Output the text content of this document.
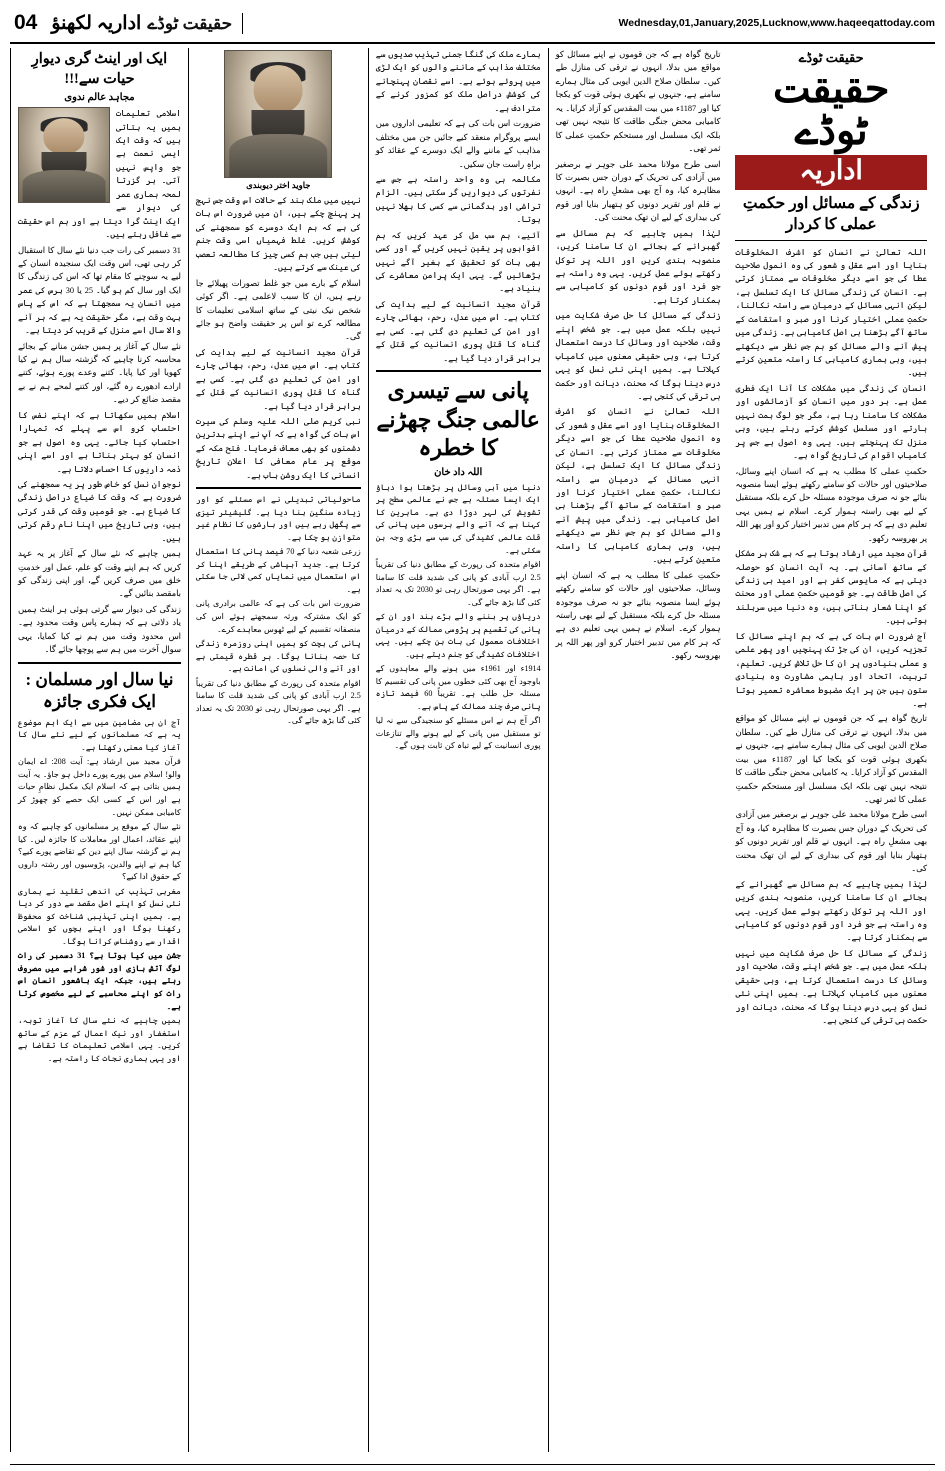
04 اداریہ لکھنؤ حقیقت ٹوڈے	Wednesday,01,January,2025,Lucknow,www.haqeeqattoday.com
حقیقت ٹوڈے
حقیقت ٹوڈے
اداریہ
زندگی کے مسائل اور حکمتِ عملی کا کردار

اللہ تعالیٰ نے انسان کو اشرف المخلوقات بنایا اور اسے عقل و شعور کی وہ انمول صلاحیت عطا کی جو اسے دیگر مخلوقات سے ممتاز کرتی ہے۔ انسان کی زندگی مسائل کا ایک تسلسل ہے، لیکن انہی مسائل کے درمیان سے راستہ نکالنا، حکمتِ عملی اختیار کرنا اور صبر و استقامت کے ساتھ آگے بڑھنا ہی اصل کامیابی ہے۔ زندگی میں پیش آنے والے مسائل کو ہم جس نظر سے دیکھتے ہیں، وہی ہماری کامیابی کا راستہ متعین کرتے ہیں۔

انسان کی زندگی میں مشکلات کا آنا ایک فطری عمل ہے۔ ہر دور میں انسان کو آزمائشوں اور مشکلات کا سامنا رہا ہے، مگر جو لوگ ہمت نہیں ہارتے اور مسلسل کوشش کرتے رہتے ہیں، وہی منزل تک پہنچتے ہیں۔ یہی وہ اصول ہے جس پر کامیاب اقوام کی تاریخ گواہ ہے۔

حکمتِ عملی کا مطلب یہ ہے کہ انسان اپنے وسائل، صلاحیتوں اور حالات کو سامنے رکھتے ہوئے ایسا منصوبہ بنائے جو نہ صرف موجودہ مسئلہ حل کرے بلکہ مستقبل کے لیے بھی راستہ ہموار کرے۔ اسلام نے ہمیں یہی تعلیم دی ہے کہ ہر کام میں تدبیر اختیار کرو اور پھر اللہ پر بھروسہ رکھو۔

قرآن مجید میں ارشاد ہوتا ہے کہ بے شک ہر مشکل کے ساتھ آسانی ہے۔ یہ آیت انسان کو حوصلہ دیتی ہے کہ مایوسی کفر ہے اور امید ہی زندگی کی اصل طاقت ہے۔ جو قومیں حکمتِ عملی اور محنت کو اپنا شعار بناتی ہیں، وہ دنیا میں سربلند ہوتی ہیں۔

آج ضرورت اس بات کی ہے کہ ہم اپنے مسائل کا تجزیہ کریں، ان کی جڑ تک پہنچیں اور پھر علمی و عملی بنیادوں پر ان کا حل تلاش کریں۔ تعلیم، تربیت، اتحاد اور باہمی مشاورت وہ بنیادی ستون ہیں جن پر ایک مضبوط معاشرہ تعمیر ہوتا ہے۔

تاریخ گواہ ہے کہ جن قوموں نے اپنے مسائل کو مواقع میں بدلا، انہوں نے ترقی کی منازل طے کیں۔ سلطان صلاح الدین ایوبی کی مثال ہمارے سامنے ہے، جنہوں نے بکھری ہوئی قوت کو یکجا کیا اور 1187ء میں بیت المقدس کو آزاد کرایا۔ یہ کامیابی محض جنگی طاقت کا نتیجہ نہیں تھی بلکہ ایک مسلسل اور مستحکم حکمتِ عملی کا ثمر تھی۔

اسی طرح مولانا محمد علی جوہر نے برصغیر میں آزادی کی تحریک کے دوران جس بصیرت کا مظاہرہ کیا، وہ آج بھی مشعلِ راہ ہے۔ انہوں نے قلم اور تقریر دونوں کو ہتھیار بنایا اور قوم کی بیداری کے لیے ان تھک محنت کی۔

لہٰذا ہمیں چاہیے کہ ہم مسائل سے گھبرانے کے بجائے ان کا سامنا کریں، منصوبہ بندی کریں اور اللہ پر توکل رکھتے ہوئے عمل کریں۔ یہی وہ راستہ ہے جو فرد اور قوم دونوں کو کامیابی سے ہمکنار کرتا ہے۔

زندگی کے مسائل کا حل صرف شکایت میں نہیں بلکہ عمل میں ہے۔ جو شخص اپنے وقت، صلاحیت اور وسائل کا درست استعمال کرتا ہے، وہی حقیقی معنوں میں کامیاب کہلاتا ہے۔ ہمیں اپنی نئی نسل کو یہی درس دینا ہوگا کہ محنت، دیانت اور حکمت ہی ترقی کی کنجی ہے۔

تاریخ گواہ ہے کہ جن قوموں نے اپنے مسائل کو مواقع میں بدلا، انہوں نے ترقی کی منازل طے کیں۔ سلطان صلاح الدین ایوبی کی مثال ہمارے سامنے ہے، جنہوں نے بکھری ہوئی قوت کو یکجا کیا اور 1187ء میں بیت المقدس کو آزاد کرایا۔ یہ کامیابی محض جنگی طاقت کا نتیجہ نہیں تھی بلکہ ایک مسلسل اور مستحکم حکمتِ عملی کا ثمر تھی۔

اسی طرح مولانا محمد علی جوہر نے برصغیر میں آزادی کی تحریک کے دوران جس بصیرت کا مظاہرہ کیا، وہ آج بھی مشعلِ راہ ہے۔ انہوں نے قلم اور تقریر دونوں کو ہتھیار بنایا اور قوم کی بیداری کے لیے ان تھک محنت کی۔

لہٰذا ہمیں چاہیے کہ ہم مسائل سے گھبرانے کے بجائے ان کا سامنا کریں، منصوبہ بندی کریں اور اللہ پر توکل رکھتے ہوئے عمل کریں۔ یہی وہ راستہ ہے جو فرد اور قوم دونوں کو کامیابی سے ہمکنار کرتا ہے۔

زندگی کے مسائل کا حل صرف شکایت میں نہیں بلکہ عمل میں ہے۔ جو شخص اپنے وقت، صلاحیت اور وسائل کا درست استعمال کرتا ہے، وہی حقیقی معنوں میں کامیاب کہلاتا ہے۔ ہمیں اپنی نئی نسل کو یہی درس دینا ہوگا کہ محنت، دیانت اور حکمت ہی ترقی کی کنجی ہے۔

اللہ تعالیٰ نے انسان کو اشرف المخلوقات بنایا اور اسے عقل و شعور کی وہ انمول صلاحیت عطا کی جو اسے دیگر مخلوقات سے ممتاز کرتی ہے۔ انسان کی زندگی مسائل کا ایک تسلسل ہے، لیکن انہی مسائل کے درمیان سے راستہ نکالنا، حکمتِ عملی اختیار کرنا اور صبر و استقامت کے ساتھ آگے بڑھنا ہی اصل کامیابی ہے۔ زندگی میں پیش آنے والے مسائل کو ہم جس نظر سے دیکھتے ہیں، وہی ہماری کامیابی کا راستہ متعین کرتے ہیں۔

حکمتِ عملی کا مطلب یہ ہے کہ انسان اپنے وسائل، صلاحیتوں اور حالات کو سامنے رکھتے ہوئے ایسا منصوبہ بنائے جو نہ صرف موجودہ مسئلہ حل کرے بلکہ مستقبل کے لیے بھی راستہ ہموار کرے۔ اسلام نے ہمیں یہی تعلیم دی ہے کہ ہر کام میں تدبیر اختیار کرو اور پھر اللہ پر بھروسہ رکھو۔

ہمارے ملک کی گنگا جمنی تہذیب صدیوں سے مختلف مذاہب کے ماننے والوں کو ایک لڑی میں پروئے ہوئے ہے۔ اسے نقصان پہنچانے کی کوشش دراصل ملک کو کمزور کرنے کے مترادف ہے۔

ضرورت اس بات کی ہے کہ تعلیمی اداروں میں ایسے پروگرام منعقد کیے جائیں جن میں مختلف مذاہب کے ماننے والے ایک دوسرے کے عقائد کو براہِ راست جان سکیں۔

مکالمہ ہی وہ واحد راستہ ہے جس سے نفرتوں کی دیواریں گر سکتی ہیں۔ الزام تراشی اور بدگمانی سے کسی کا بھلا نہیں ہوتا۔

آئیے، ہم سب مل کر عہد کریں کہ ہم افواہوں پر یقین نہیں کریں گے اور کسی بھی بات کو تحقیق کے بغیر آگے نہیں بڑھائیں گے۔ یہی ایک پرامن معاشرے کی بنیاد ہے۔

قرآن مجید انسانیت کے لیے ہدایت کی کتاب ہے۔ اس میں عدل، رحم، بھائی چارے اور امن کی تعلیم دی گئی ہے۔ کسی بے گناہ کا قتل پوری انسانیت کے قتل کے برابر قرار دیا گیا ہے۔

پانی سے تیسری عالمی جنگ چھڑنے کا خطرہ
اللہ داد خان

دنیا میں آبی وسائل پر بڑھتا ہوا دباؤ ایک ایسا مسئلہ ہے جس نے عالمی سطح پر تشویش کی لہر دوڑا دی ہے۔ ماہرین کا کہنا ہے کہ آنے والے برسوں میں پانی کی قلت عالمی کشیدگی کی سب سے بڑی وجہ بن سکتی ہے۔

اقوام متحدہ کی رپورٹ کے مطابق دنیا کی تقریباً 2.5 ارب آبادی کو پانی کی شدید قلت کا سامنا ہے۔ اگر یہی صورتحال رہی تو 2030 تک یہ تعداد کئی گنا بڑھ جائے گی۔

دریاؤں پر بننے والے بڑے بند اور ان کے پانی کی تقسیم پر پڑوسی ممالک کے درمیان اختلافات معمول کی بات بن چکے ہیں۔ یہی اختلافات کشیدگی کو جنم دیتے ہیں۔

1914ء اور 1961ء میں ہونے والے معاہدوں کے باوجود آج بھی کئی خطوں میں پانی کی تقسیم کا مسئلہ حل طلب ہے۔ تقریباً 60 فیصد تازہ پانی صرف چند ممالک کے پاس ہے۔

اگر آج ہم نے اس مسئلے کو سنجیدگی سے نہ لیا تو مستقبل میں پانی کے لیے ہونے والے تنازعات پوری انسانیت کے لیے تباہ کن ثابت ہوں گے۔

جاوید اختر دیوبندی

نہیں میں ملک ہند کے حالات اس وقت جس نہج پر پہنچ چکے ہیں، ان میں ضرورت اس بات کی ہے کہ ہم ایک دوسرے کو سمجھنے کی کوشش کریں۔ غلط فہمیاں اسی وقت جنم لیتی ہیں جب ہم کسی چیز کا مطالعہ تعصب کی عینک سے کرتے ہیں۔

اسلام کے بارے میں جو غلط تصورات پھیلائے جا رہے ہیں، ان کا سبب لاعلمی ہے۔ اگر کوئی شخص نیک نیتی کے ساتھ اسلامی تعلیمات کا مطالعہ کرے تو اس پر حقیقت واضح ہو جائے گی۔

قرآن مجید انسانیت کے لیے ہدایت کی کتاب ہے۔ اس میں عدل، رحم، بھائی چارے اور امن کی تعلیم دی گئی ہے۔ کسی بے گناہ کا قتل پوری انسانیت کے قتل کے برابر قرار دیا گیا ہے۔

نبی کریم صلی اللہ علیہ وسلم کی سیرت اس بات کی گواہ ہے کہ آپ نے اپنے بدترین دشمنوں کو بھی معاف فرمایا۔ فتح مکہ کے موقع پر عام معافی کا اعلان تاریخِ انسانی کا ایک روشن باب ہے۔

ماحولیاتی تبدیلی نے اس مسئلے کو اور زیادہ سنگین بنا دیا ہے۔ گلیشیئر تیزی سے پگھل رہے ہیں اور بارشوں کا نظام غیر متوازن ہو چکا ہے۔

زرعی شعبہ دنیا کے 70 فیصد پانی کا استعمال کرتا ہے۔ جدید آبپاشی کے طریقے اپنا کر اس استعمال میں نمایاں کمی لائی جا سکتی ہے۔

ضرورت اس بات کی ہے کہ عالمی برادری پانی کو ایک مشترکہ ورثہ سمجھتے ہوئے اس کی منصفانہ تقسیم کے لیے ٹھوس معاہدے کرے۔

پانی کی بچت کو ہمیں اپنی روزمرہ زندگی کا حصہ بنانا ہوگا۔ ہر قطرہ قیمتی ہے اور آنے والی نسلوں کی امانت ہے۔

اقوام متحدہ کی رپورٹ کے مطابق دنیا کی تقریباً 2.5 ارب آبادی کو پانی کی شدید قلت کا سامنا ہے۔ اگر یہی صورتحال رہی تو 2030 تک یہ تعداد کئی گنا بڑھ جائے گی۔

ایک اور اینٹ گری دیوارِ حیات سے!!!
مجاہد عالم ندوی

اسلامی تعلیمات ہمیں یہ بتاتی ہیں کہ وقت ایک ایسی نعمت ہے جو واپس نہیں آتی۔ ہر گزرتا لمحہ ہماری عمر کی دیوار سے ایک اینٹ گرا دیتا ہے اور ہم اس حقیقت سے غافل رہتے ہیں۔

31 دسمبر کی رات جب دنیا نئے سال کا استقبال کر رہی تھی، اس وقت ایک سنجیدہ انسان کے لیے یہ سوچنے کا مقام تھا کہ اس کی زندگی کا ایک اور سال کم ہو گیا۔ 25 یا 30 برس کی عمر میں انسان یہ سمجھتا ہے کہ اس کے پاس بہت وقت ہے، مگر حقیقت یہ ہے کہ ہر آنے والا سال اسے منزل کے قریب کر دیتا ہے۔

نئے سال کے آغاز پر ہمیں جشن منانے کے بجائے محاسبہ کرنا چاہیے کہ گزشتہ سال ہم نے کیا کھویا اور کیا پایا۔ کتنے وعدے پورے ہوئے، کتنے ارادے ادھورے رہ گئے، اور کتنے لمحے ہم نے بے مقصد ضائع کر دیے۔

اسلام ہمیں سکھاتا ہے کہ اپنے نفس کا احتساب کرو اس سے پہلے کہ تمہارا احتساب کیا جائے۔ یہی وہ اصول ہے جو انسان کو بہتر بناتا ہے اور اسے اپنی ذمہ داریوں کا احساس دلاتا ہے۔

نوجوان نسل کو خاص طور پر یہ سمجھنے کی ضرورت ہے کہ وقت کا ضیاع دراصل زندگی کا ضیاع ہے۔ جو قومیں وقت کی قدر کرتی ہیں، وہی تاریخ میں اپنا نام رقم کرتی ہیں۔

ہمیں چاہیے کہ نئے سال کے آغاز پر یہ عہد کریں کہ ہم اپنے وقت کو علم، عمل اور خدمتِ خلق میں صرف کریں گے، اور اپنی زندگی کو بامقصد بنائیں گے۔

زندگی کی دیوار سے گرتی ہوئی ہر اینٹ ہمیں یاد دلاتی ہے کہ ہمارے پاس وقت محدود ہے۔ اس محدود وقت میں ہم نے کیا کمایا، یہی سوال آخرت میں ہم سے پوچھا جائے گا۔

نیا سال اور مسلمان : ایک فکری جائزہ

آج ان ہی مضامین میں سے ایک اہم موضوع یہ ہے کہ مسلمانوں کے لیے نئے سال کا آغاز کیا معنی رکھتا ہے۔

قرآن مجید میں ارشاد ہے: آیت 208: اے ایمان والو! اسلام میں پورے پورے داخل ہو جاؤ۔ یہ آیت ہمیں بتاتی ہے کہ اسلام ایک مکمل نظامِ حیات ہے اور اس کے کسی ایک حصے کو چھوڑ کر کامیابی ممکن نہیں۔

نئے سال کے موقع پر مسلمانوں کو چاہیے کہ وہ اپنے عقائد، اعمال اور معاملات کا جائزہ لیں۔ کیا ہم نے گزشتہ سال اپنے دین کے تقاضے پورے کیے؟ کیا ہم نے اپنے والدین، پڑوسیوں اور رشتہ داروں کے حقوق ادا کیے؟

مغربی تہذیب کی اندھی تقلید نے ہماری نئی نسل کو اپنے اصل مقصد سے دور کر دیا ہے۔ ہمیں اپنی تہذیبی شناخت کو محفوظ رکھنا ہوگا اور اپنے بچوں کو اسلامی اقدار سے روشناس کرانا ہوگا۔

جشن میں کیا ہوتا ہے؟ 31 دسمبر کی رات لوگ آتش بازی اور شور شرابے میں مصروف رہتے ہیں، جبکہ ایک باشعور انسان اس رات کو اپنے محاسبے کے لیے مخصوص کرتا ہے۔

ہمیں چاہیے کہ نئے سال کا آغاز توبہ، استغفار اور نیک اعمال کے عزم کے ساتھ کریں۔ یہی اسلامی تعلیمات کا تقاضا ہے اور یہی ہماری نجات کا راستہ ہے۔
